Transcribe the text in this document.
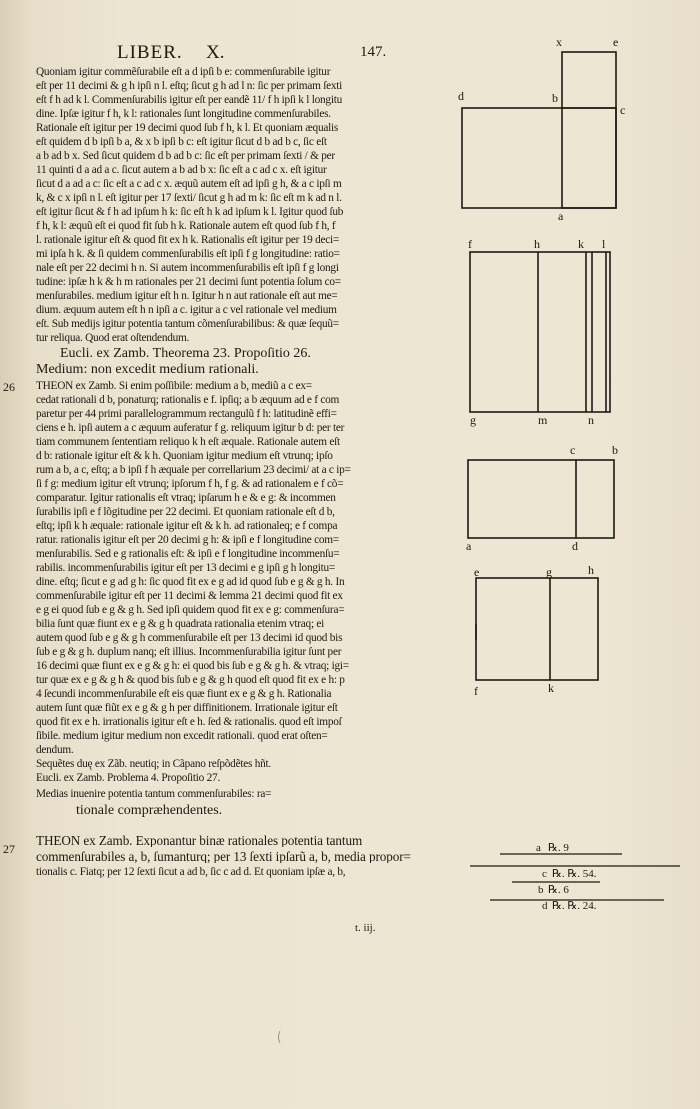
LIBER. X.	147.
26
27
Quoniam igitur commẽſurabile eſt a d ipſi b e: commenſurabile igitur
eſt per 11 decimi & g h ipſi n l. eſtq; ſicut g h ad l n: ſic per primam ſexti
eſt f h ad k l. Commenſurabilis igitur eſt per eandẽ 11/ f h ipſi k l longitu
dine. Ipſæ igitur f h, k l: rationales ſunt longitudine commenſurabiles.
Rationale eſt igitur per 19 decimi quod ſub f h, k l. Et quoniam æqualis
eſt quidem d b ipſi b a, & x b ipſi b c: eſt igitur ſicut d b ad b c, ſic eſt
a b ad b x. Sed ſicut quidem d b ad b c: ſic eſt per primam ſexti / & per
11 quinti d a ad a c. ſicut autem a b ad b x: ſic eſt a c ad c x. eſt igitur
ſicut d a ad a c: ſic eſt a c ad c x. æquũ autem eſt ad ipſi g h, & a c ipſi m
k, & c x ipſi n l. eſt igitur per 17 ſexti/ ſicut g h ad m k: ſic eſt m k ad n l.
eſt igitur ſicut & f h ad ipſum h k: ſic eſt h k ad ipſum k l. Igitur quod ſub
f h, k l: æquũ eſt ei quod fit ſub h k. Rationale autem eſt quod ſub f h, f
l. rationale igitur eſt & quod fit ex h k. Rationalis eſt igitur per 19 deci=
mi ipſa h k. & ſi quidem commenſurabilis eſt ipſi f g longitudine: ratio=
nale eſt per 22 decimi h n. Si autem incommenſurabilis eſt ipſi f g longi
tudine: ipſæ h k & h m rationales per 21 decimi ſunt potentia ſolum co=
menſurabiles. medium igitur eſt h n. Igitur h n aut rationale eſt aut me=
dium. æquum autem eſt h n ipſi a c. igitur a c vel rationale vel medium
eſt. Sub medijs igitur potentia tantum cõmenſurabilibus: & quæ ſequũ=
tur reliqua. Quod erat oſtendendum.
Eucli. ex Zamb. Theorema 23. Propoſitio 26.
Medium: non excedit medium rationali.
THEON ex Zamb. Si enim poſſibile: medium a b, mediũ a c ex=
cedat rationali d b, ponaturq; rationalis e f. ipſiq; a b æquum ad e f com
paretur per 44 primi parallelogrammum rectangulũ f h: latitudinẽ effi=
ciens e h. ipſi autem a c æquum auferatur f g. reliquum igitur b d: per ter
tiam communem ſententiam reliquo k h eſt æquale. Rationale autem eſt
d b: rationale igitur eſt & k h. Quoniam igitur medium eſt vtrunq; ipſo
rum a b, a c, eſtq; a b ipſi f h æquale per correllarium 23 decimi/ at a c ip=
ſi f g: medium igitur eſt vtrunq; ipſorum f h, f g. & ad rationalem e f cõ=
comparatur. Igitur rationalis eſt vtraq; ipſarum h e & e g: & incommen
ſurabilis ipſi e f lõgitudine per 22 decimi. Et quoniam rationale eſt d b,
eſtq; ipſi k h æquale: rationale igitur eſt & k h. ad rationaleq; e f compa
ratur. rationalis igitur eſt per 20 decimi g h: & ipſi e f longitudine com=
menſurabilis. Sed e g rationalis eſt: & ipſi e f longitudine incommenſu=
rabilis. incommenſurabilis igitur eſt per 13 decimi e g ipſi g h longitu=
dine. eſtq; ſicut e g ad g h: ſic quod fit ex e g ad id quod ſub e g & g h. In
commenſurabile igitur eſt per 11 decimi & lemma 21 decimi quod fit ex
e g ei quod ſub e g & g h. Sed ipſi quidem quod fit ex e g: commenſura=
bilia ſunt quæ fiunt ex e g & g h quadrata rationalia etenim vtraq; ei
autem quod ſub e g & g h commenſurabile eſt per 13 decimi id quod bis
ſub e g & g h. duplum nanq; eſt illius. Incommenſurabilia igitur ſunt per
16 decimi quæ fiunt ex e g & g h: ei quod bis ſub e g & g h. & vtraq; igi=
tur quæ ex e g & g h & quod bis ſub e g & g h quod eſt quod fit ex e h: p
4 ſecundi incommenſurabile eſt eis quæ fiunt ex e g & g h. Rationalia
autem ſunt quæ fiũt ex e g & g h per diffinitionem. Irrationale igitur eſt
quod fit ex e h. irrationalis igitur eſt e h. ſed & rationalis. quod eſt impoſ
ſibile. medium igitur medium non excedit rationali. quod erat oſten=
dendum.
Sequẽtes duę ex Zãb. neutiq; in Cãpano reſpõdẽtes hñt.
Eucli. ex Zamb. Problema 4. Propoſitio 27.
Medias inuenire potentia tantum commenſurabiles: ra=
tionale compræhendentes.
THEON ex Zamb. Exponantur binæ rationales potentia tantum
commenſurabiles a, b, ſumanturq; per 13 ſexti ipſarũ a, b, media propor=
tionalis c. Fiatq; per 12 ſexti ſicut a ad b, ſic c ad d. Et quoniam ipſæ a, b,
t. iij.
x	e
d	b
c
a
f	h	k l
g	m	n
c	b
a	d
e	g	h
f	k
a ℞. 9
c ℞. ℞. 54.
b ℞. 6
d ℞. ℞. 24.
